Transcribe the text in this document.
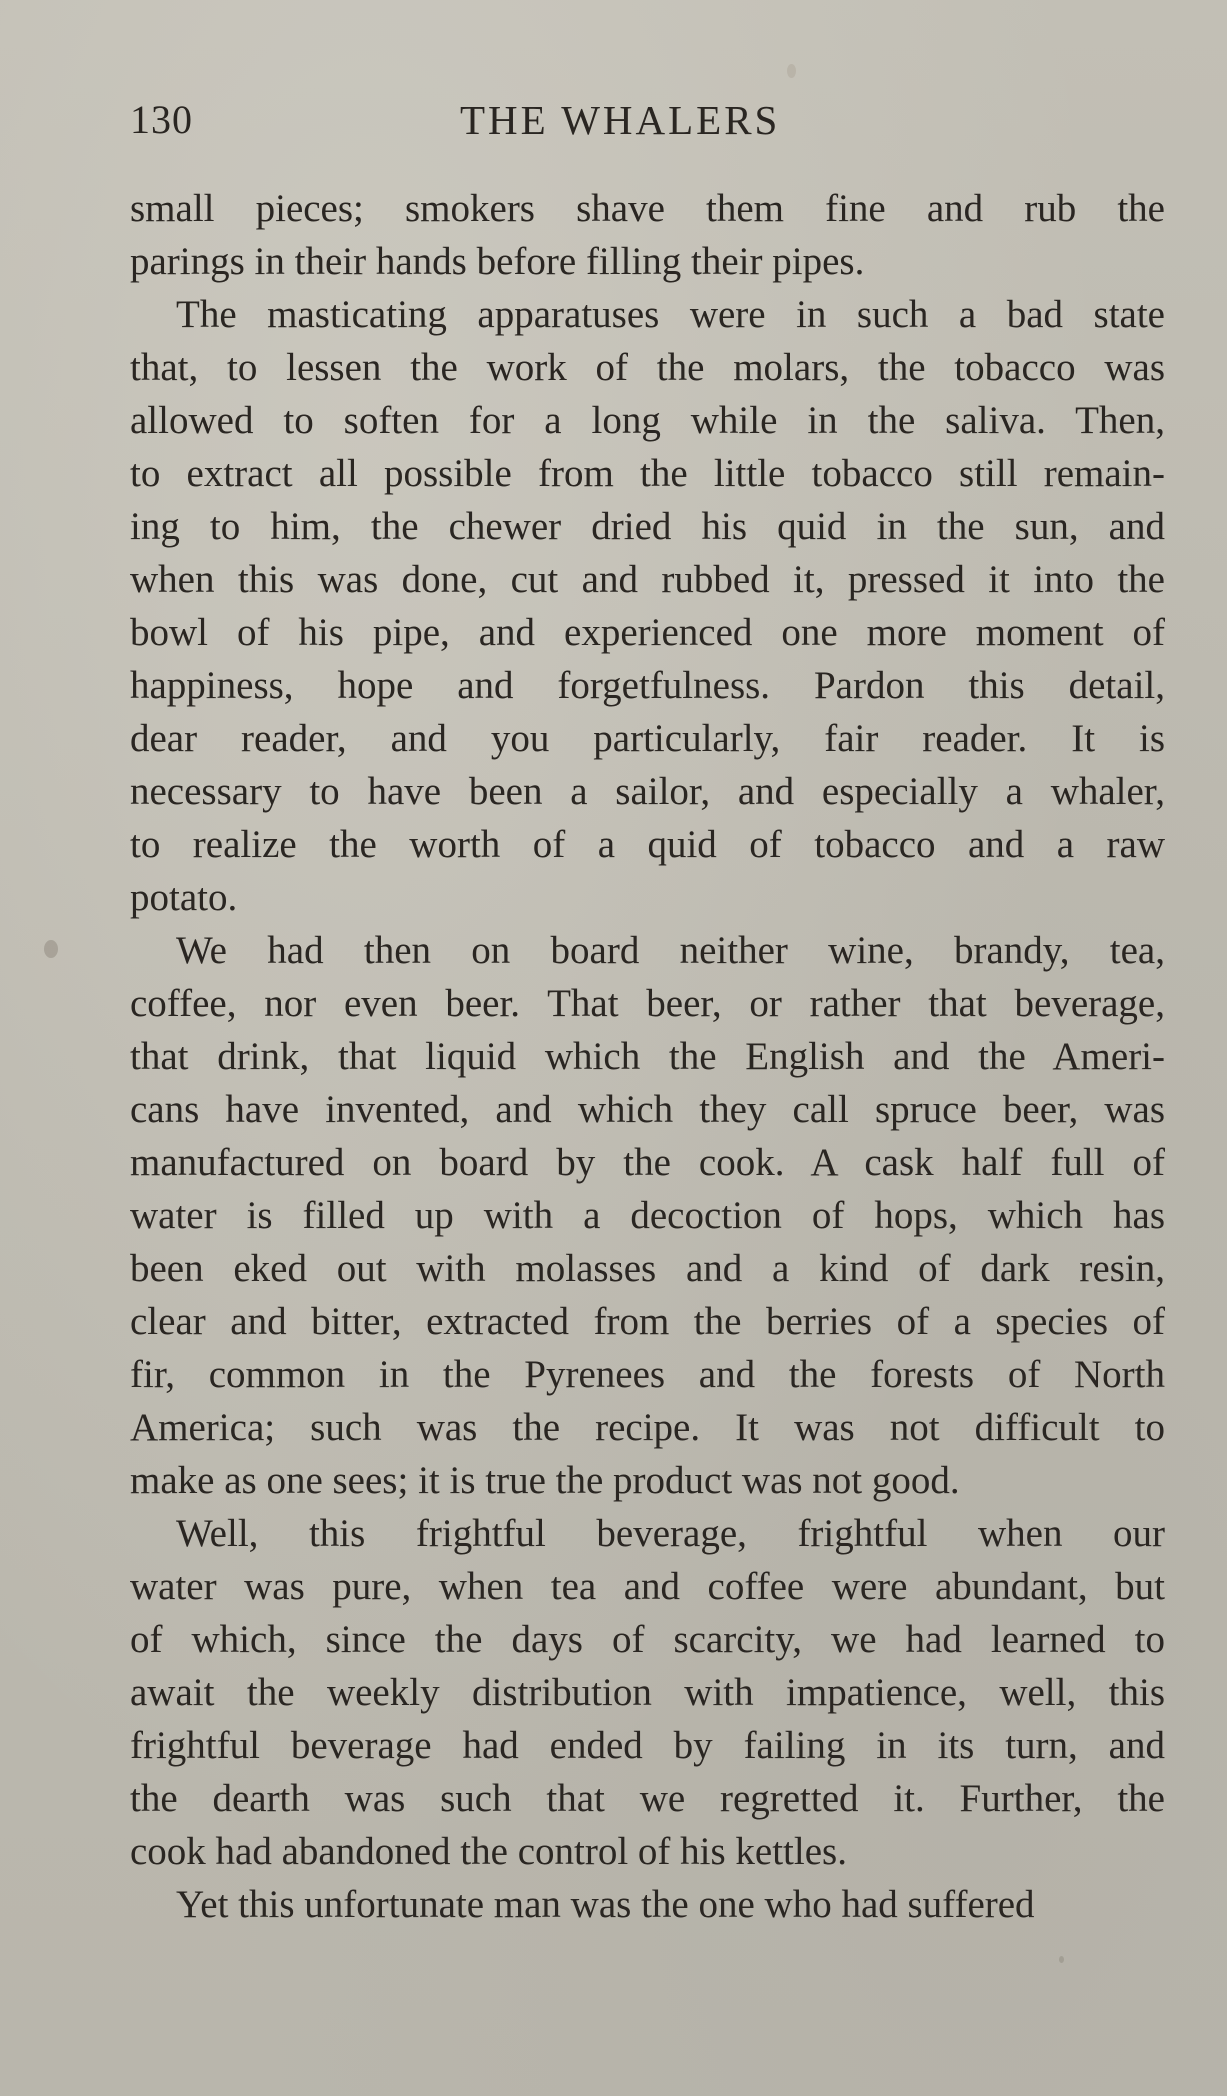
130	THE WHALERS
small pieces; smokers shave them fine and rub the
parings in their hands before filling their pipes.
The masticating apparatuses were in such a bad state
that, to lessen the work of the molars, the tobacco was
allowed to soften for a long while in the saliva. Then,
to extract all possible from the little tobacco still remain-
ing to him, the chewer dried his quid in the sun, and
when this was done, cut and rubbed it, pressed it into the
bowl of his pipe, and experienced one more moment of
happiness, hope and forgetfulness. Pardon this detail,
dear reader, and you particularly, fair reader. It is
necessary to have been a sailor, and especially a whaler,
to realize the worth of a quid of tobacco and a raw
potato.
We had then on board neither wine, brandy, tea,
coffee, nor even beer. That beer, or rather that beverage,
that drink, that liquid which the English and the Ameri-
cans have invented, and which they call spruce beer, was
manufactured on board by the cook. A cask half full of
water is filled up with a decoction of hops, which has
been eked out with molasses and a kind of dark resin,
clear and bitter, extracted from the berries of a species of
fir, common in the Pyrenees and the forests of North
America; such was the recipe. It was not difficult to
make as one sees; it is true the product was not good.
Well, this frightful beverage, frightful when our
water was pure, when tea and coffee were abundant, but
of which, since the days of scarcity, we had learned to
await the weekly distribution with impatience, well, this
frightful beverage had ended by failing in its turn, and
the dearth was such that we regretted it. Further, the
cook had abandoned the control of his kettles.
Yet this unfortunate man was the one who had suffered
